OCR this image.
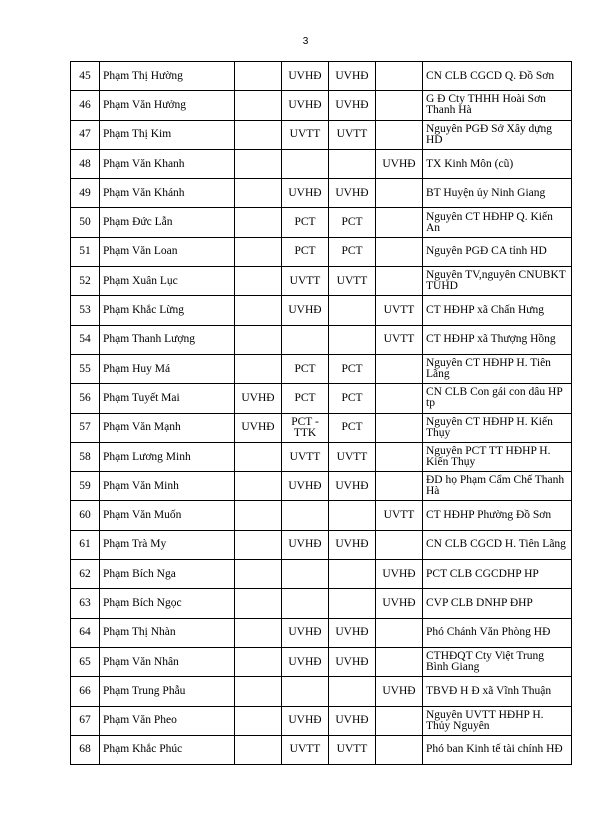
3
45	Phạm Thị Hường		UVHĐ	UVHĐ		CN CLB CGCD Q. Đồ Sơn
46	Phạm Văn Hưởng		UVHĐ	UVHĐ		G Đ Cty THHH Hoài Sơn Thanh Hà
47	Phạm Thị Kim		UVTT	UVTT		Nguyên PGĐ Sở Xây dựng HD
48	Phạm Văn Khanh				UVHĐ	TX Kinh Môn (cũ)
49	Phạm Văn Khánh		UVHĐ	UVHĐ		BT Huyện ủy Ninh Giang
50	Phạm Đức Lẫn		PCT	PCT		Nguyên CT HĐHP Q. Kiến An
51	Phạm Văn Loan		PCT	PCT		Nguyên PGĐ CA tỉnh HD
52	Phạm Xuân Lục		UVTT	UVTT		Nguyên TV,nguyên CNUBKT TUHD
53	Phạm Khắc Lừng		UVHĐ		UVTT	CT HĐHP xã Chấn Hưng
54	Phạm Thanh Lượng				UVTT	CT HĐHP xã Thượng Hồng
55	Phạm Huy Má		PCT	PCT		Nguyên CT HĐHP H. Tiên Lãng
56	Phạm Tuyết Mai	UVHĐ	PCT	PCT		CN CLB Con gái con dâu HP tp
57	Phạm Văn Mạnh	UVHĐ	PCT - TTK	PCT		Nguyên CT HĐHP H. Kiến Thụy
58	Phạm Lương Minh		UVTT	UVTT		Nguyên PCT TT HĐHP H. Kiến Thụy
59	Phạm Văn Minh		UVHĐ	UVHĐ		ĐD họ Phạm Cẩm Chế Thanh Hà
60	Phạm Văn Muốn				UVTT	CT HĐHP Phường Đồ Sơn
61	Phạm Trà My		UVHĐ	UVHĐ		CN CLB CGCD H. Tiên Lãng
62	Phạm Bích Nga				UVHĐ	PCT CLB CGCDHP HP
63	Phạm Bích Ngọc				UVHĐ	CVP CLB DNHP ĐHP
64	Phạm Thị Nhàn		UVHĐ	UVHĐ		Phó Chánh Văn Phòng HĐ
65	Phạm Văn Nhân		UVHĐ	UVHĐ		CTHĐQT Cty Việt Trung Bình Giang
66	Phạm Trung Phẫu				UVHĐ	TBVĐ H Đ xã Vĩnh Thuận
67	Phạm Văn Pheo		UVHĐ	UVHĐ		Nguyên UVTT HĐHP H. Thủy Nguyên
68	Phạm Khắc Phúc		UVTT	UVTT		Phó ban Kinh tế tài chính HĐ
